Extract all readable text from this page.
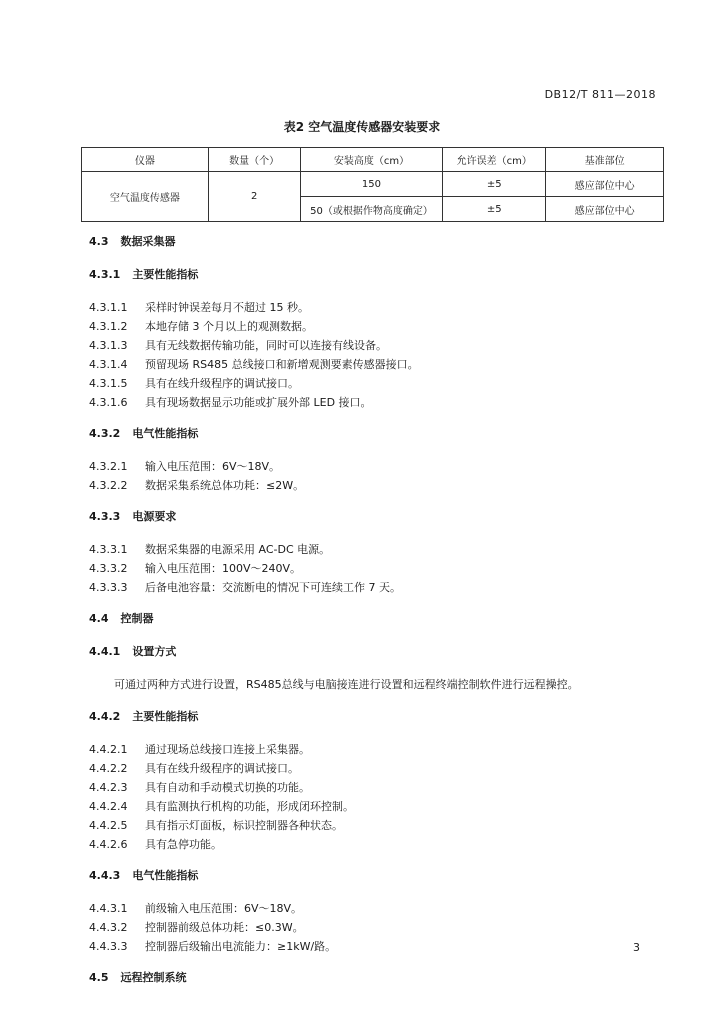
DB12/T 811—2018
表2 空气温度传感器安装要求
仪器	数量（个）	安装高度（cm）	允许误差（cm）	基准部位
空气温度传感器	2	150	±5	感应部位中心
		50（或根据作物高度确定）	±5	感应部位中心
4.3 数据采集器
4.3.1 主要性能指标
4.3.1.1 采样时钟误差每月不超过 15 秒。
4.3.1.2 本地存储 3 个月以上的观测数据。
4.3.1.3 具有无线数据传输功能，同时可以连接有线设备。
4.3.1.4 预留现场 RS485 总线接口和新增观测要素传感器接口。
4.3.1.5 具有在线升级程序的调试接口。
4.3.1.6 具有现场数据显示功能或扩展外部 LED 接口。
4.3.2 电气性能指标
4.3.2.1 输入电压范围：6V～18V。
4.3.2.2 数据采集系统总体功耗：≤2W。
4.3.3 电源要求
4.3.3.1 数据采集器的电源采用 AC-DC 电源。
4.3.3.2 输入电压范围：100V～240V。
4.3.3.3 后备电池容量：交流断电的情况下可连续工作 7 天。
4.4 控制器
4.4.1 设置方式
可通过两种方式进行设置，RS485总线与电脑接连进行设置和远程终端控制软件进行远程操控。
4.4.2 主要性能指标
4.4.2.1 通过现场总线接口连接上采集器。
4.4.2.2 具有在线升级程序的调试接口。
4.4.2.3 具有自动和手动模式切换的功能。
4.4.2.4 具有监测执行机构的功能，形成闭环控制。
4.4.2.5 具有指示灯面板，标识控制器各种状态。
4.4.2.6 具有急停功能。
4.4.3 电气性能指标
4.4.3.1 前级输入电压范围：6V～18V。
4.4.3.2 控制器前级总体功耗：≤0.3W。
4.4.3.3 控制器后级输出电流能力：≥1kW/路。
4.5 远程控制系统
3
